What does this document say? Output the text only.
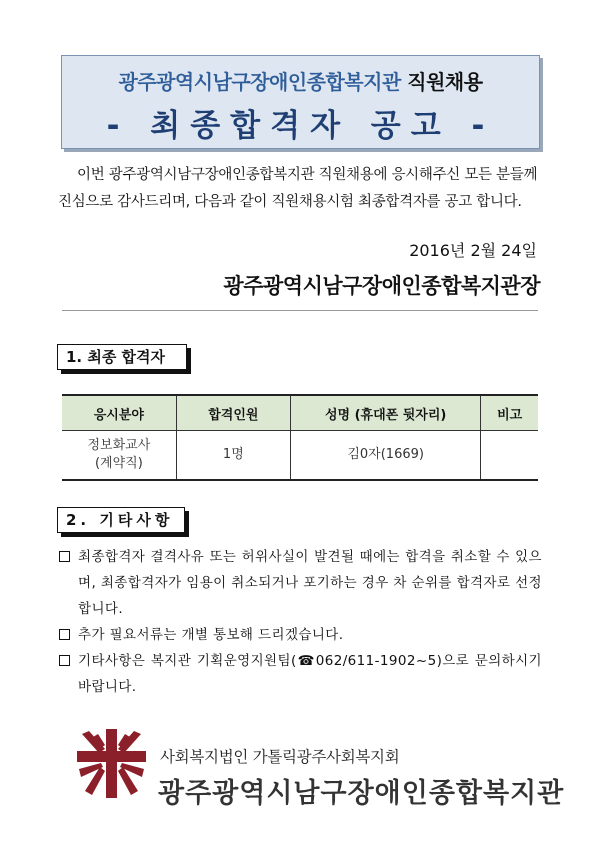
광주광역시남구장애인종합복지관 직원채용
- 최종합격자 공고 -
이번 광주광역시남구장애인종합복지관 직원채용에 응시해주신 모든 분들께
진심으로 감사드리며, 다음과 같이 직원채용시험 최종합격자를 공고 합니다.
2016년 2월 24일
광주광역시남구장애인종합복지관장
1. 최종 합격자
응시분야	합격인원	성명 (휴대폰 뒷자리)	비고

정보화교사
(계약직)	1명	김0자(1669)	
2. 기타사항
최종합격자 결격사유 또는 허위사실이 발견될 때에는 합격을 취소할 수 있으며, 최종합격자가 임용이 취소되거나 포기하는 경우 차 순위를 합격자로 선정합니다.
추가 필요서류는 개별 통보해 드리겠습니다.
기타사항은 복지관 기획운영지원팀(☎062/611-1902~5)으로 문의하시기 바랍니다.
사회복지법인 가톨릭광주사회복지회
광주광역시남구장애인종합복지관
